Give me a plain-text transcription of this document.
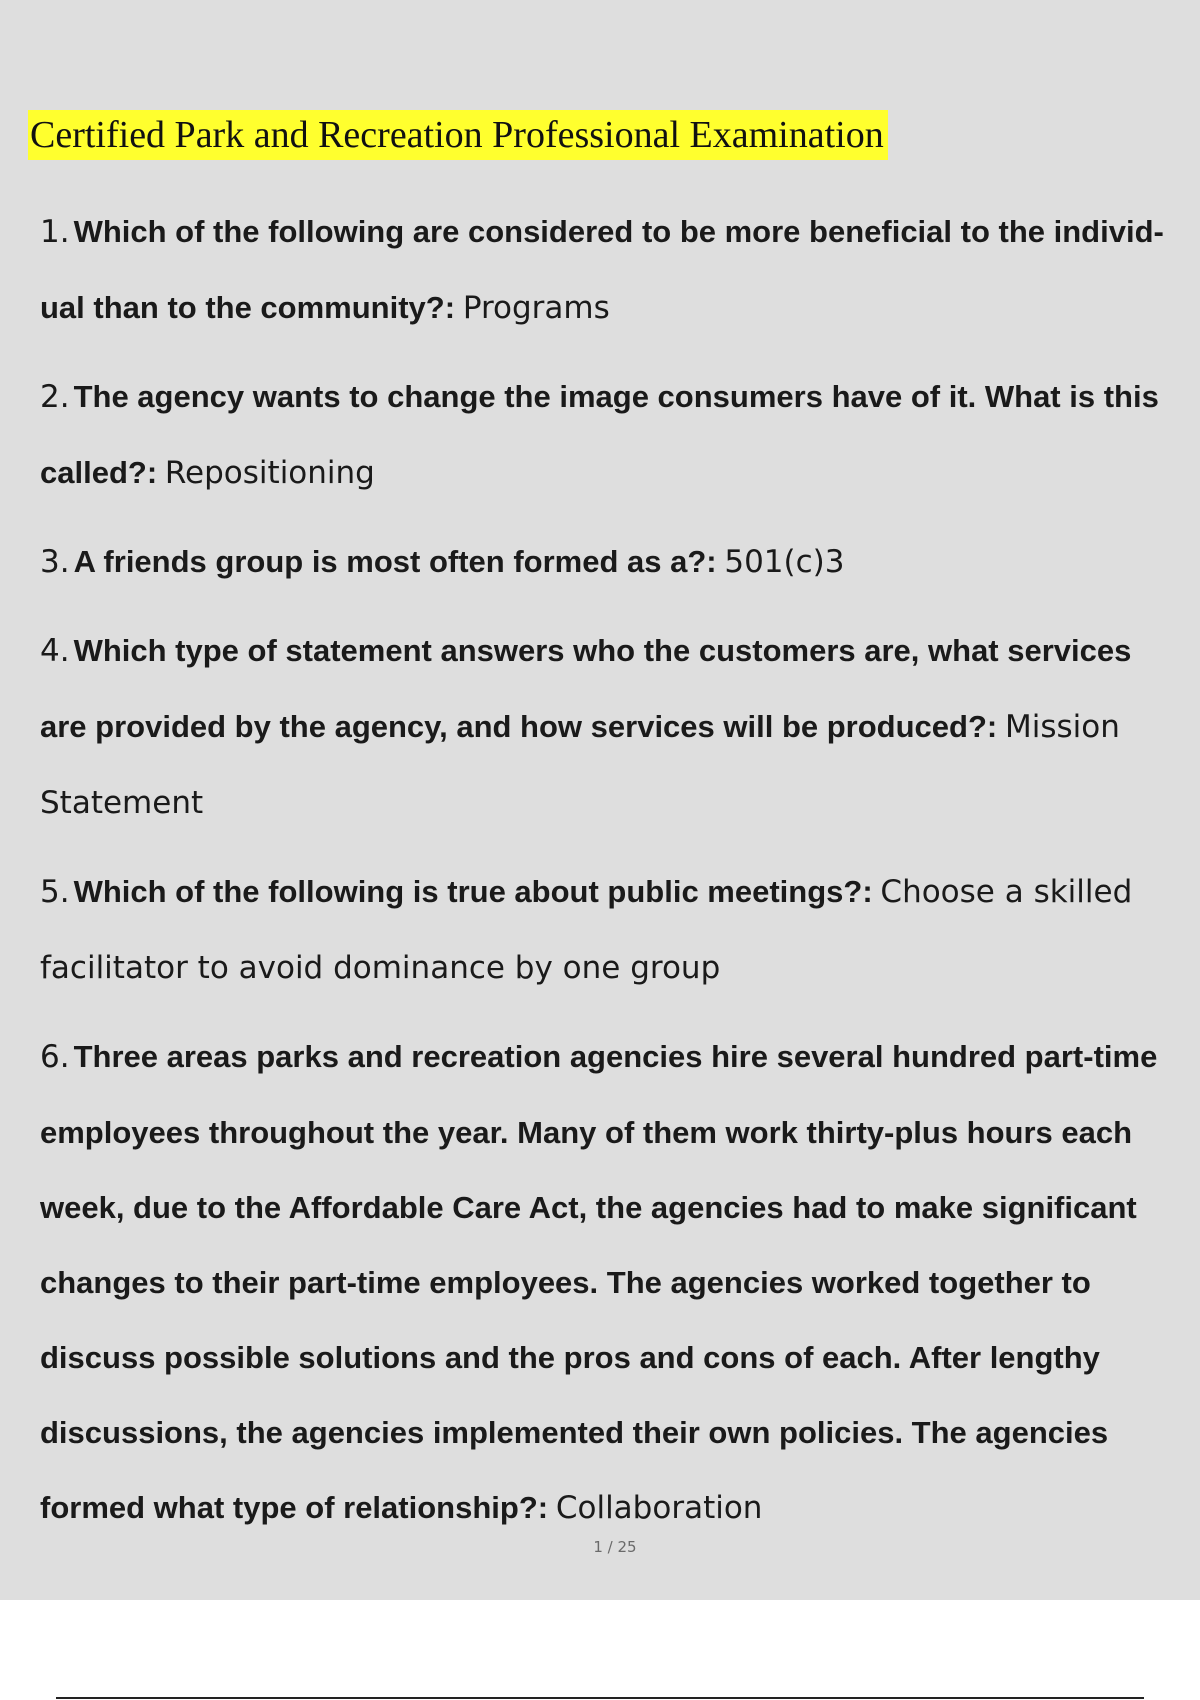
Certified Park and Recreation Professional Examination
1. Which of the following are considered to be more beneficial to the individ- ual than to the community?: Programs
2. The agency wants to change the image consumers have of it. What is this called?: Repositioning
3. A friends group is most often formed as a?: 501(c)3
4. Which type of statement answers who the customers are, what services are provided by the agency, and how services will be produced?: Mission Statement
5. Which of the following is true about public meetings?: Choose a skilled facilitator to avoid dominance by one group
6. Three areas parks and recreation agencies hire several hundred part-time employees throughout the year. Many of them work thirty-plus hours each week, due to the Affordable Care Act, the agencies had to make significant changes to their part-time employees. The agencies worked together to discuss possible solutions and the pros and cons of each. After lengthy discussions, the agencies implemented their own policies. The agencies formed what type of relationship?: Collaboration
1 / 25
